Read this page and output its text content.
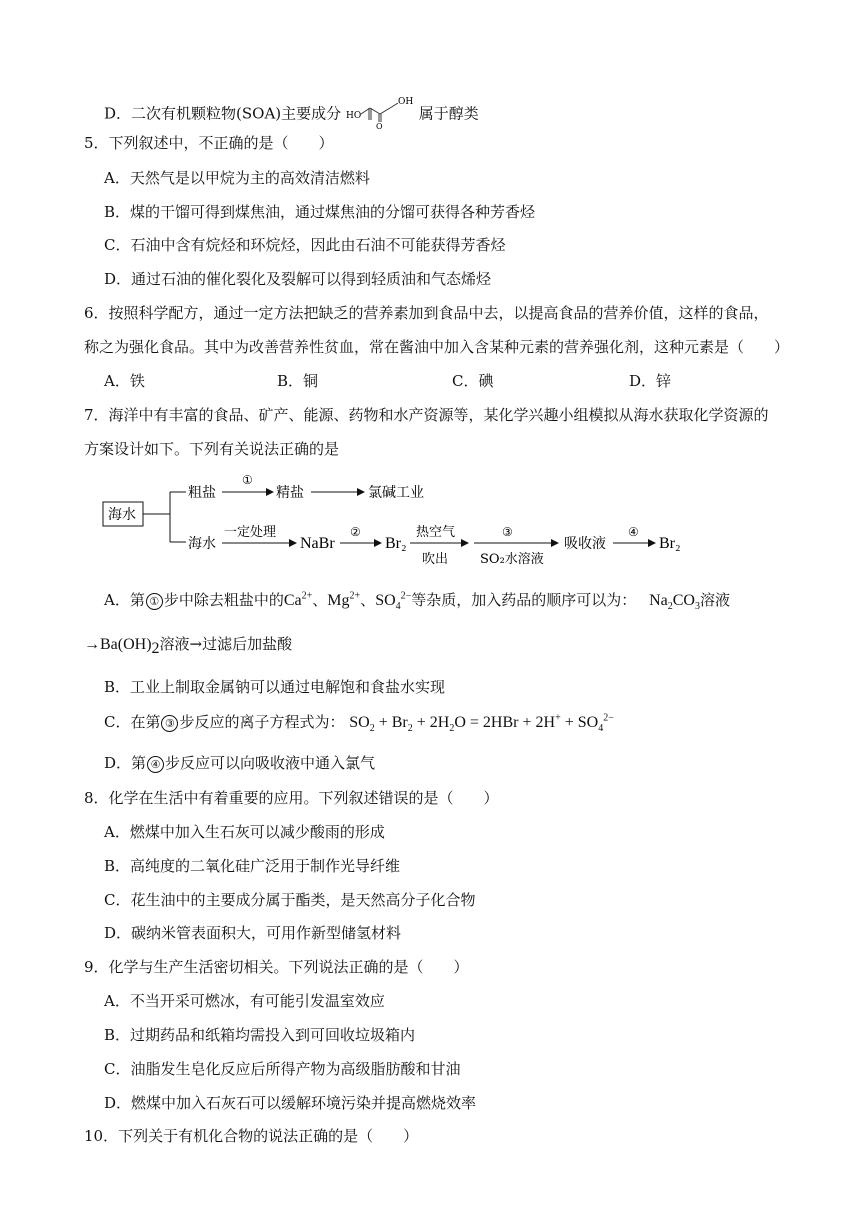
D．二次有机颗粒物(SOA)主要成分 HO
OH
O
属于醇类
5．下列叙述中，不正确的是（　　）
A．天然气是以甲烷为主的高效清洁燃料
B．煤的干馏可得到煤焦油，通过煤焦油的分馏可获得各种芳香烃
C．石油中含有烷烃和环烷烃，因此由石油不可能获得芳香烃
D．通过石油的催化裂化及裂解可以得到轻质油和气态烯烃
6．按照科学配方，通过一定方法把缺乏的营养素加到食品中去，以提高食品的营养价值，这样的食品，
称之为强化食品。其中为改善营养性贫血，常在酱油中加入含某种元素的营养强化剂，这种元素是（　　）
A．铁	B．铜	C．碘	D．锌
7．海洋中有丰富的食品、矿产、能源、药物和水产资源等，某化学兴趣小组模拟从海水获取化学资源的
方案设计如下。下列有关说法正确的是
海水
粗盐
①
精盐	氯碱工业
海水
一定处理
NaBr
②
Br₂
热空气
吹出
③
SO₂水溶液
吸收液
④
Br₂
A．第 ① 步中除去粗盐中的$Ca^{2+}$、$Mg^{2+}$、$SO_4^{2-}$等杂质，加入药品的顺序可以为： $Na_2CO_3$溶液
$\to Ba(OH)_2$溶液→过滤后加盐酸
B．工业上制取金属钠可以通过电解饱和食盐水实现
C．在第 ③ 步反应的离子方程式为： $SO_2 + Br_2 + 2H_2O = 2HBr + 2H^+ + SO_4^{2-}$
D．第 ④ 步反应可以向吸收液中通入氯气
8．化学在生活中有着重要的应用。下列叙述错误的是（　　）
A．燃煤中加入生石灰可以减少酸雨的形成
B．高纯度的二氧化硅广泛用于制作光导纤维
C．花生油中的主要成分属于酯类，是天然高分子化合物
D．碳纳米管表面积大，可用作新型储氢材料
9．化学与生产生活密切相关。下列说法正确的是（　　）
A．不当开采可燃冰，有可能引发温室效应
B．过期药品和纸箱均需投入到可回收垃圾箱内
C．油脂发生皂化反应后所得产物为高级脂肪酸和甘油
D．燃煤中加入石灰石可以缓解环境污染并提高燃烧效率
10．下列关于有机化合物的说法正确的是（　　）
